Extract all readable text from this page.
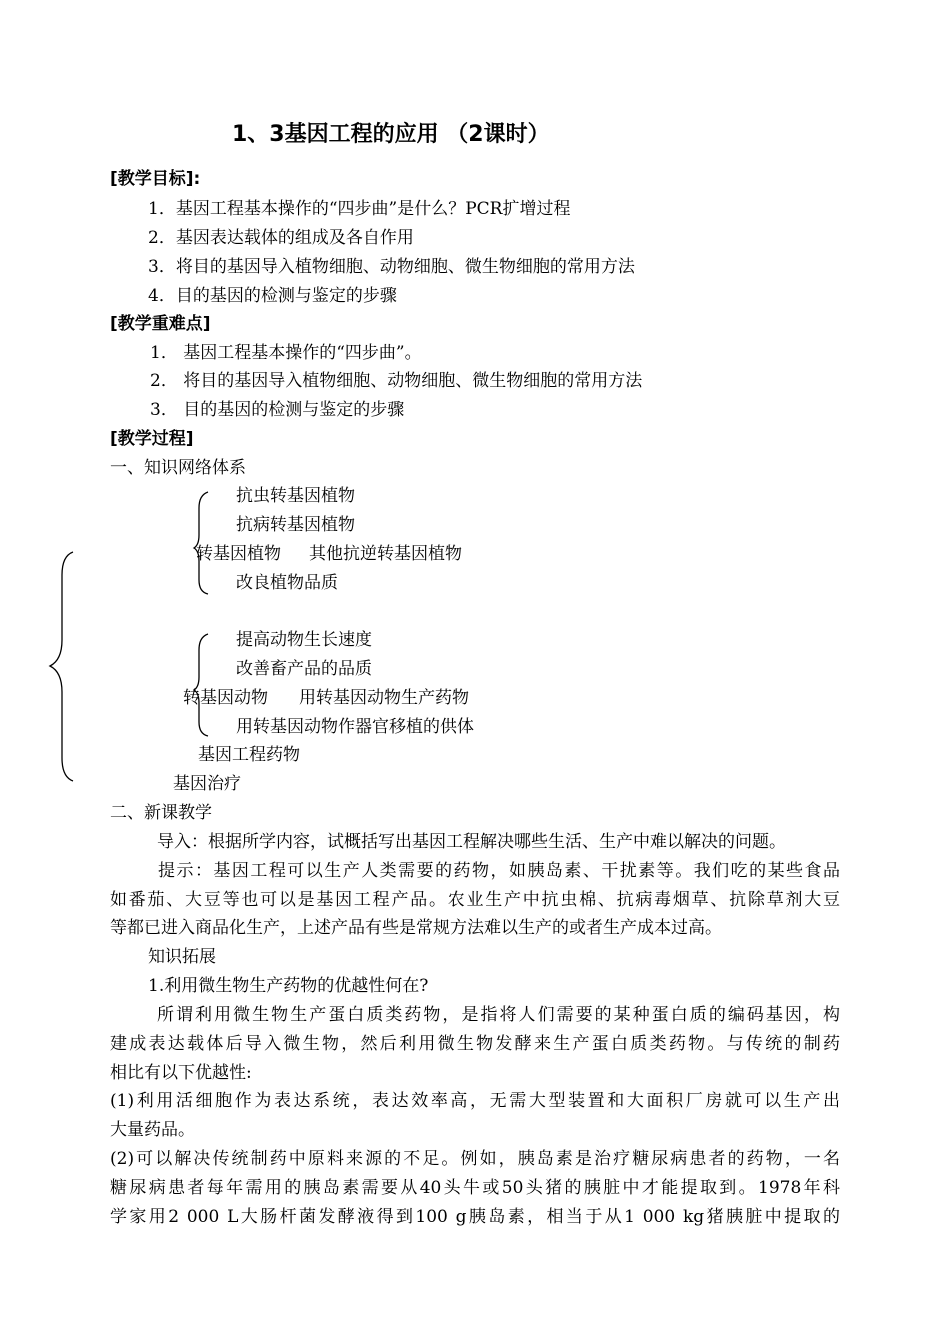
1、3基因工程的应用 （2课时）
[教学目标]:
1．基因工程基本操作的“四步曲”是什么？PCR扩增过程
2．基因表达载体的组成及各自作用
3．将目的基因导入植物细胞、动物细胞、微生物细胞的常用方法
4．目的基因的检测与鉴定的步骤
[教学重难点]
1． 基因工程基本操作的“四步曲”。
2． 将目的基因导入植物细胞、动物细胞、微生物细胞的常用方法
3． 目的基因的检测与鉴定的步骤
[教学过程]
一、知识网络体系
抗虫转基因植物
抗病转基因植物
转基因植物 其他抗逆转基因植物
改良植物品质
提高动物生长速度
改善畜产品的品质
转基因动物 用转基因动物生产药物
用转基因动物作器官移植的供体
基因工程药物
基因治疗
二、新课教学
导入：根据所学内容，试概括写出基因工程解决哪些生活、生产中难以解决的问题。
提示：基因工程可以生产人类需要的药物，如胰岛素、干扰素等。我们吃的某些食品
如番茄、大豆等也可以是基因工程产品。农业生产中抗虫棉、抗病毒烟草、抗除草剂大豆
等都已进入商品化生产，上述产品有些是常规方法难以生产的或者生产成本过高。
知识拓展
1.利用微生物生产药物的优越性何在?
所谓利用微生物生产蛋白质类药物，是指将人们需要的某种蛋白质的编码基因，构
建成表达载体后导入微生物，然后利用微生物发酵来生产蛋白质类药物。与传统的制药
相比有以下优越性:
(1)利用活细胞作为表达系统，表达效率高，无需大型装置和大面积厂房就可以生产出
大量药品。
(2)可以解决传统制药中原料来源的不足。例如，胰岛素是治疗糖尿病患者的药物，一名
糖尿病患者每年需用的胰岛素需要从40头牛或50头猪的胰脏中才能提取到。1978年科
学家用2 000 L大肠杆菌发酵液得到100 g胰岛素，相当于从1 000 kg猪胰脏中提取的
